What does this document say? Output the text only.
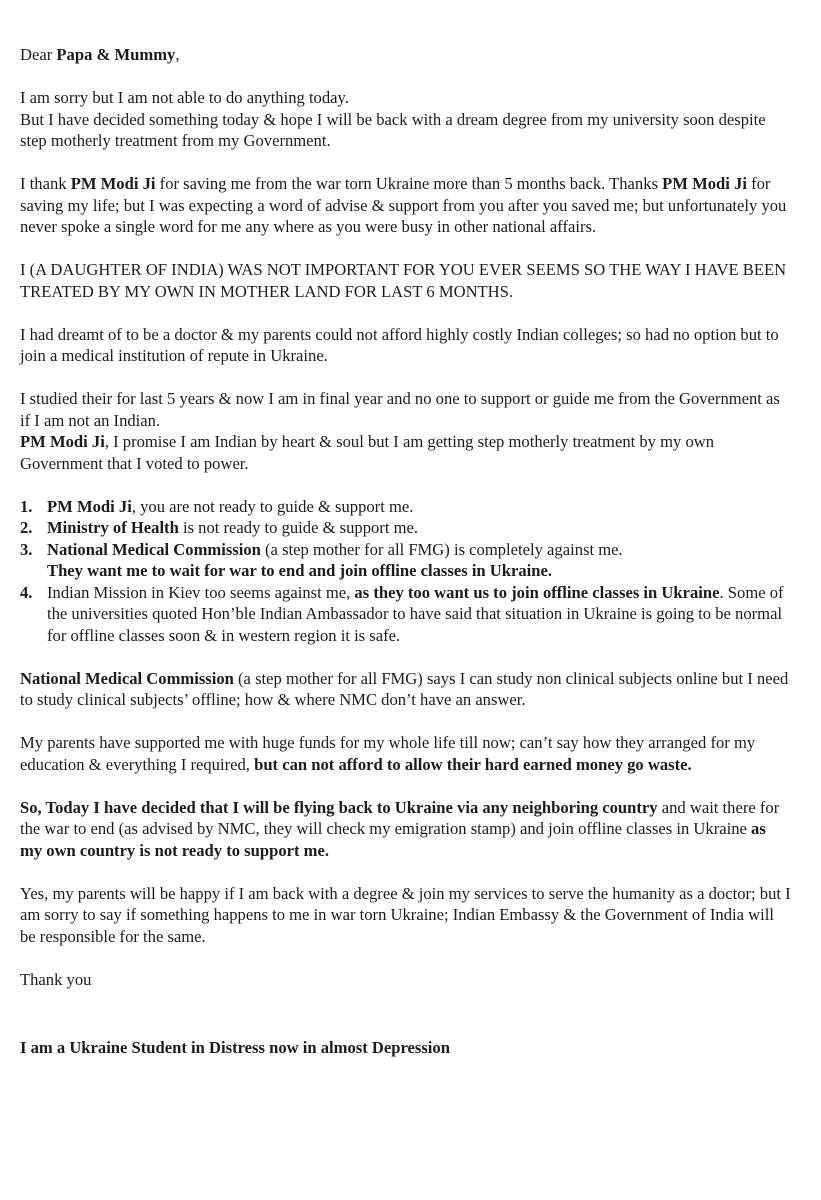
Dear Papa & Mummy,

I am sorry but I am not able to do anything today.
But I have decided something today & hope I will be back with a dream degree from my university soon despite step motherly treatment from my Government.

I thank PM Modi Ji for saving me from the war torn Ukraine more than 5 months back. Thanks PM Modi Ji for saving my life; but I was expecting a word of advise & support from you after you saved me; but unfortunately you never spoke a single word for me any where as you were busy in other national affairs.

I (A DAUGHTER OF INDIA) WAS NOT IMPORTANT FOR YOU EVER SEEMS SO THE WAY I HAVE BEEN TREATED BY MY OWN IN MOTHER LAND FOR LAST 6 MONTHS.

I had dreamt of to be a doctor & my parents could not afford highly costly Indian colleges; so had no option but to join a medical institution of repute in Ukraine.

I studied their for last 5 years & now I am in final year and no one to support or guide me from the Government as if I am not an Indian.
PM Modi Ji, I promise I am Indian by heart & soul but I am getting step motherly treatment by my own Government that I voted to power.

1. PM Modi Ji, you are not ready to guide & support me.
2. Ministry of Health is not ready to guide & support me.
3. National Medical Commission (a step mother for all FMG) is completely against me.
They want me to wait for war to end and join offline classes in Ukraine.
4. Indian Mission in Kiev too seems against me, as they too want us to join offline classes in Ukraine. Some of the universities quoted Hon’ble Indian Ambassador to have said that situation in Ukraine is going to be normal for offline classes soon & in western region it is safe.

National Medical Commission (a step mother for all FMG) says I can study non clinical subjects online but I need to study clinical subjects’ offline; how & where NMC don’t have an answer.

My parents have supported me with huge funds for my whole life till now; can’t say how they arranged for my education & everything I required, but can not afford to allow their hard earned money go waste.

So, Today I have decided that I will be flying back to Ukraine via any neighboring country and wait there for the war to end (as advised by NMC, they will check my emigration stamp) and join offline classes in Ukraine as my own country is not ready to support me.

Yes, my parents will be happy if I am back with a degree & join my services to serve the humanity as a doctor; but I am sorry to say if something happens to me in war torn Ukraine; Indian Embassy & the Government of India will be responsible for the same.

Thank you

I am a Ukraine Student in Distress now in almost Depression
